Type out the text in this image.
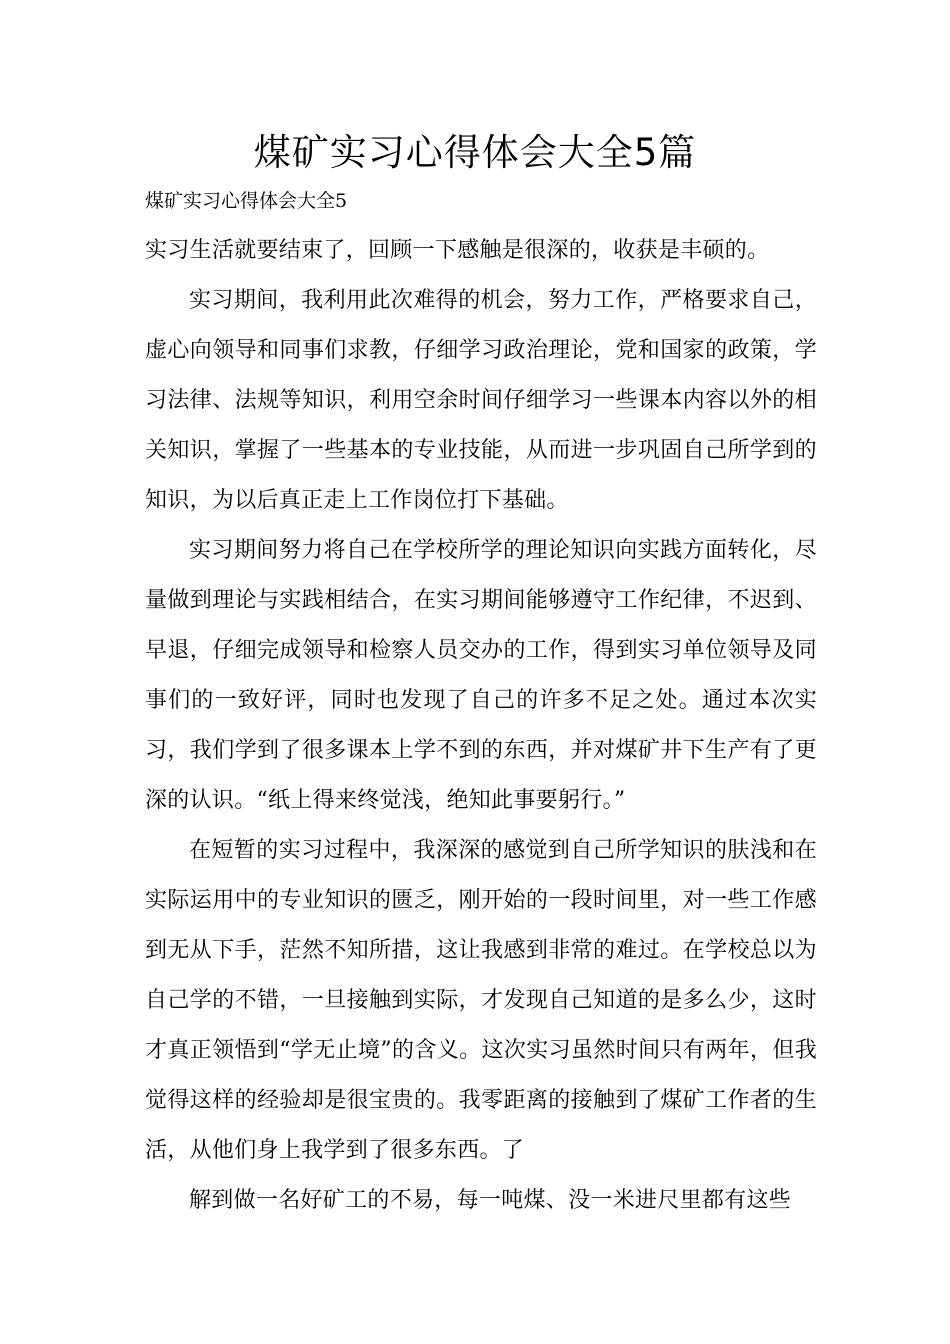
煤矿实习心得体会大全5篇
煤矿实习心得体会大全5

实习生活就要结束了，回顾一下感触是很深的，收获是丰硕的。

实习期间，我利用此次难得的机会，努力工作，严格要求自己，虚心向领导和同事们求教，仔细学习政治理论，党和国家的政策，学习法律、法规等知识，利用空余时间仔细学习一些课本内容以外的相关知识，掌握了一些基本的专业技能，从而进一步巩固自己所学到的知识，为以后真正走上工作岗位打下基础。

实习期间努力将自己在学校所学的理论知识向实践方面转化，尽量做到理论与实践相结合，在实习期间能够遵守工作纪律，不迟到、早退，仔细完成领导和检察人员交办的工作，得到实习单位领导及同事们的一致好评，同时也发现了自己的许多不足之处。通过本次实习，我们学到了很多课本上学不到的东西，并对煤矿井下生产有了更深的认识。“纸上得来终觉浅，绝知此事要躬行。”

在短暂的实习过程中，我深深的感觉到自己所学知识的肤浅和在实际运用中的专业知识的匮乏，刚开始的一段时间里，对一些工作感到无从下手，茫然不知所措，这让我感到非常的难过。在学校总以为自己学的不错，一旦接触到实际，才发现自己知道的是多么少，这时才真正领悟到“学无止境”的含义。这次实习虽然时间只有两年，但我觉得这样的经验却是很宝贵的。我零距离的接触到了煤矿工作者的生活，从他们身上我学到了很多东西。了

解到做一名好矿工的不易，每一吨煤、没一米进尺里都有这些
